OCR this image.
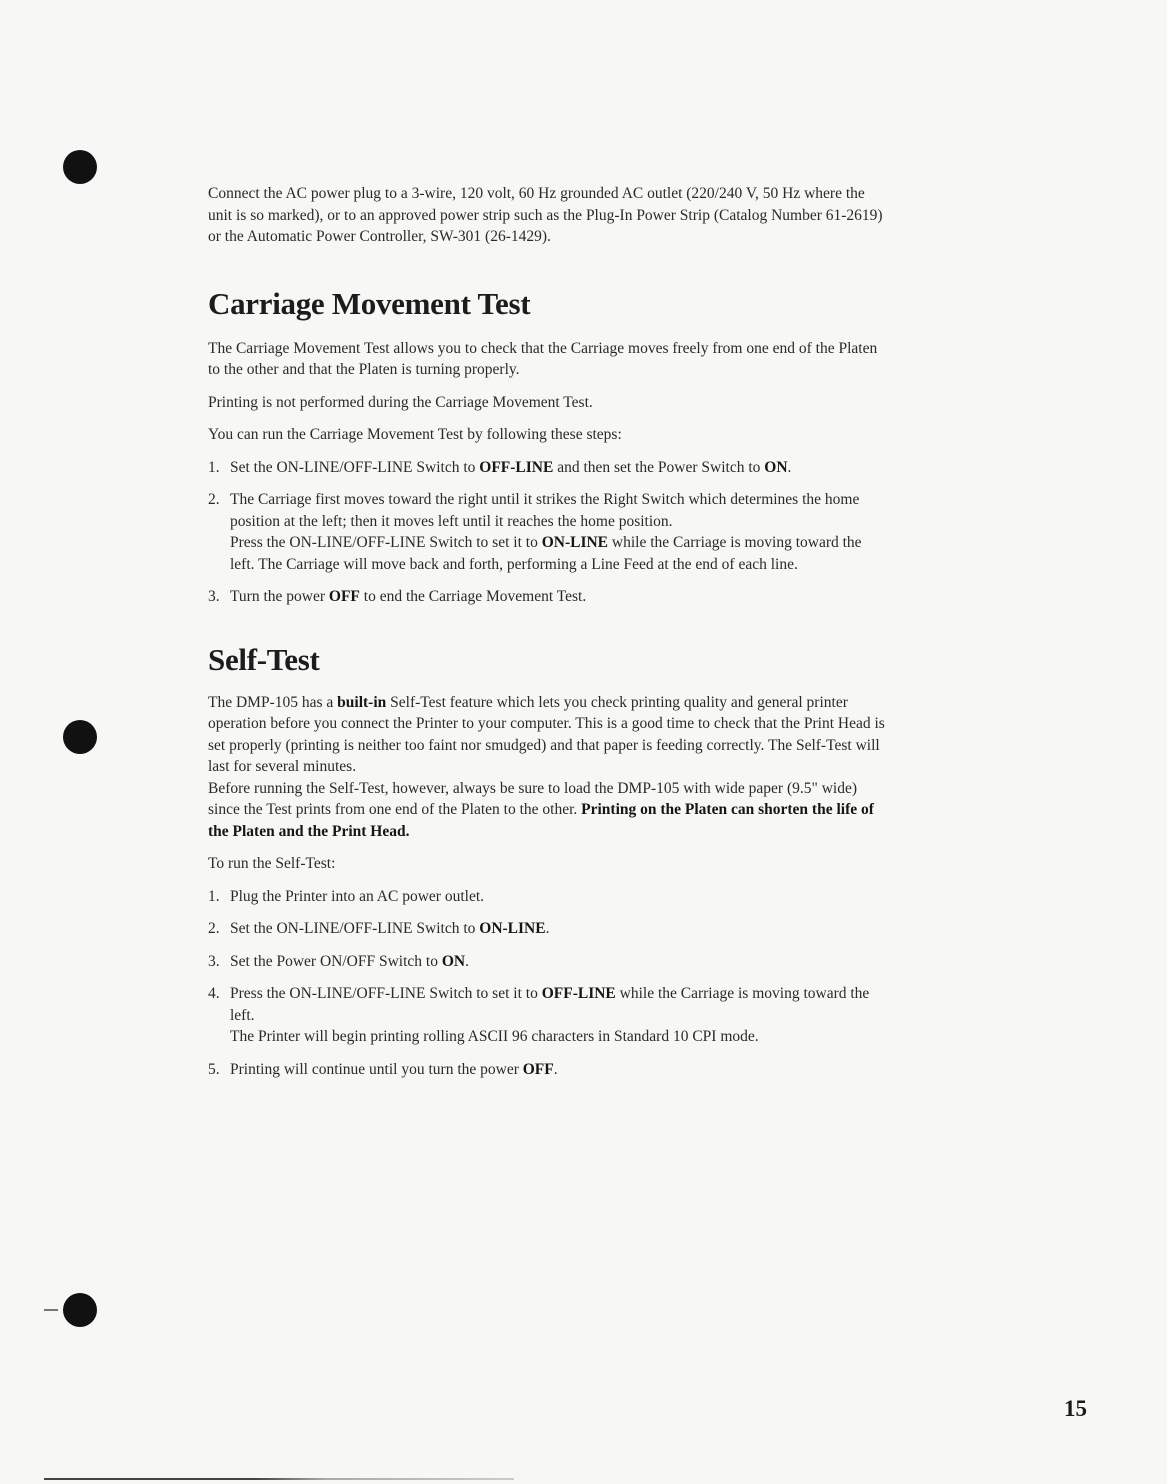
Connect the AC power plug to a 3-wire, 120 volt, 60 Hz grounded AC outlet (220/240 V, 50 Hz where the unit is so marked), or to an approved power strip such as the Plug-In Power Strip (Catalog Number 61-2619) or the Automatic Power Controller, SW-301 (26-1429).

Carriage Movement Test

The Carriage Movement Test allows you to check that the Carriage moves freely from one end of the Platen to the other and that the Platen is turning properly.

Printing is not performed during the Carriage Movement Test.

You can run the Carriage Movement Test by following these steps:

1. Set the ON-LINE/OFF-LINE Switch to OFF-LINE and then set the Power Switch to ON.
2. The Carriage first moves toward the right until it strikes the Right Switch which determines the home position at the left; then it moves left until it reaches the home position.
Press the ON-LINE/OFF-LINE Switch to set it to ON-LINE while the Carriage is moving toward the left. The Carriage will move back and forth, performing a Line Feed at the end of each line.
3. Turn the power OFF to end the Carriage Movement Test.
Self-Test

The DMP-105 has a built-in Self-Test feature which lets you check printing quality and general printer operation before you connect the Printer to your computer. This is a good time to check that the Print Head is set properly (printing is neither too faint nor smudged) and that paper is feeding correctly. The Self-Test will last for several minutes.

Before running the Self-Test, however, always be sure to load the DMP-105 with wide paper (9.5" wide) since the Test prints from one end of the Platen to the other. Printing on the Platen can shorten the life of the Platen and the Print Head.

To run the Self-Test:

1. Plug the Printer into an AC power outlet.
2. Set the ON-LINE/OFF-LINE Switch to ON-LINE.
3. Set the Power ON/OFF Switch to ON.
4. Press the ON-LINE/OFF-LINE Switch to set it to OFF-LINE while the Carriage is moving toward the left.
The Printer will begin printing rolling ASCII 96 characters in Standard 10 CPI mode.
5. Printing will continue until you turn the power OFF.
15
